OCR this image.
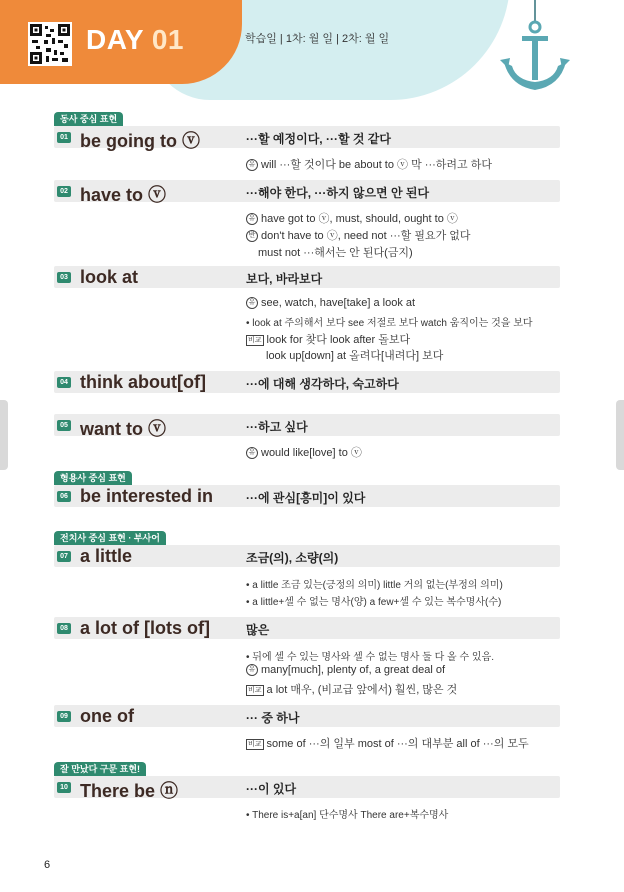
DAY 01	학습일 | 1차: 월 일 | 2차: 월 일
동사 중심 표현
01 be going to ⓥ	···할 예정이다, ···할 것 같다
유 will ···할 것이다 be about to ⓥ 막 ···하려고 하다
02 have to ⓥ	···해야 한다, ···하지 않으면 안 된다
유 have got to ⓥ, must, should, ought to ⓥ
반 don't have to ⓥ, need not ···할 필요가 없다
must not ···해서는 안 된다(금지)
03 look at	보다, 바라보다
유 see, watch, have[take] a look at
• look at 주의해서 보다 see 저절로 보다 watch 움직이는 것을 보다
비교 look for 찾다 look after 돌보다
look up[down] at 올려다[내려다] 보다
04 think about[of]	···에 대해 생각하다, 숙고하다
05 want to ⓥ	···하고 싶다
유 would like[love] to ⓥ
형용사 중심 표현
06 be interested in	···에 관심[흥미]이 있다
전치사 중심 표현 · 부사어
07 a little	조금(의), 소량(의)
• a little 조금 있는(긍정의 의미) little 거의 없는(부정의 의미)
• a little+셀 수 없는 명사(양) a few+셀 수 있는 복수명사(수)
08 a lot of [lots of]	많은
• 뒤에 셀 수 있는 명사와 셀 수 없는 명사 둘 다 올 수 있음.
유 many[much], plenty of, a great deal of
비교 a lot 매우, (비교급 앞에서) 훨씬, 많은 것
09 one of	··· 중 하나
비교 some of ···의 일부 most of ···의 대부분 all of ···의 모두
잘 만났다 구문 표현!
10 There be ⓝ	···이 있다
• There is+a[an] 단수명사 There are+복수명사
6
